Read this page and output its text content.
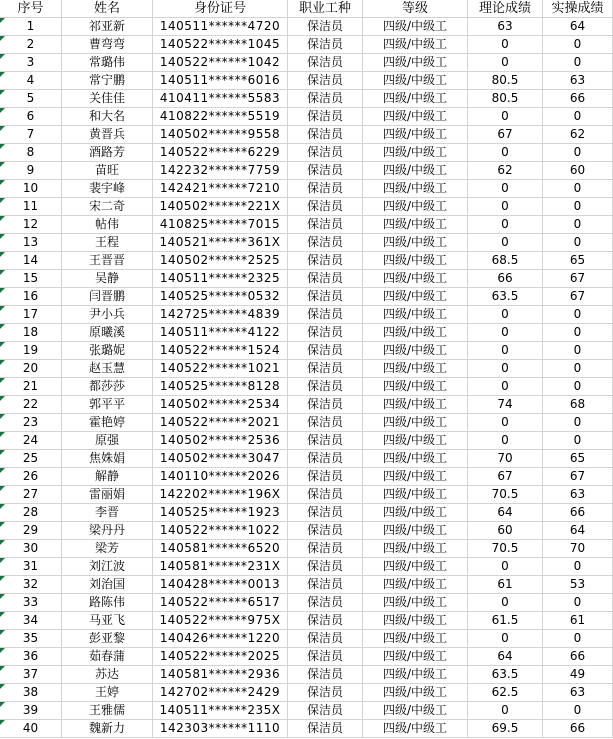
序号	姓名	身份证号	职业工种	等级	理论成绩	实操成绩
1	祁亚新	140511******4720	保洁员	四级/中级工	63	64
2	曹弯弯	140522******1045	保洁员	四级/中级工	0	0
3	常璐伟	140522******1042	保洁员	四级/中级工	0	0
4	常宁鹏	140511******6016	保洁员	四级/中级工	80.5	63
5	关佳佳	410411******5583	保洁员	四级/中级工	80.5	66
6	和大名	410822******5519	保洁员	四级/中级工	0	0
7	黄晋兵	140502******9558	保洁员	四级/中级工	67	62
8	酒路芳	140522******6229	保洁员	四级/中级工	0	0
9	苗旺	142232******7759	保洁员	四级/中级工	62	60
10	裴宇峰	142421******7210	保洁员	四级/中级工	0	0
11	宋二奇	140502******221X	保洁员	四级/中级工	0	0
12	帖伟	410825******7015	保洁员	四级/中级工	0	0
13	王程	140521******361X	保洁员	四级/中级工	0	0
14	王晋晋	140502******2525	保洁员	四级/中级工	68.5	65
15	吴静	140511******2325	保洁员	四级/中级工	66	67
16	闫晋鹏	140525******0532	保洁员	四级/中级工	63.5	67
17	尹小兵	142725******4839	保洁员	四级/中级工	0	0
18	原曦溪	140511******4122	保洁员	四级/中级工	0	0
19	张璐妮	140522******1524	保洁员	四级/中级工	0	0
20	赵玉慧	140522******1021	保洁员	四级/中级工	0	0
21	都莎莎	140525******8128	保洁员	四级/中级工	0	0
22	郭平平	140502******2534	保洁员	四级/中级工	74	68
23	霍艳婷	140522******2021	保洁员	四级/中级工	0	0
24	原强	140502******2536	保洁员	四级/中级工	0	0
25	焦姝娟	140502******3047	保洁员	四级/中级工	70	65
26	解静	140110******2026	保洁员	四级/中级工	67	67
27	雷丽娟	142202******196X	保洁员	四级/中级工	70.5	63
28	李晋	140525******1923	保洁员	四级/中级工	64	66
29	梁丹丹	140522******1022	保洁员	四级/中级工	60	64
30	梁芳	140581******6520	保洁员	四级/中级工	70.5	70
31	刘江波	140581******231X	保洁员	四级/中级工	0	0
32	刘治国	140428******0013	保洁员	四级/中级工	61	53
33	路陈伟	140522******6517	保洁员	四级/中级工	0	0
34	马亚飞	140522******975X	保洁员	四级/中级工	61.5	61
35	彭亚黎	140426******1220	保洁员	四级/中级工	0	0
36	茹春蒲	140522******2025	保洁员	四级/中级工	64	66
37	苏达	140581******2936	保洁员	四级/中级工	63.5	49
38	王婷	142702******2429	保洁员	四级/中级工	62.5	63
39	王雅儒	140511******235X	保洁员	四级/中级工	0	0
40	魏新力	142303******1110	保洁员	四级/中级工	69.5	66
